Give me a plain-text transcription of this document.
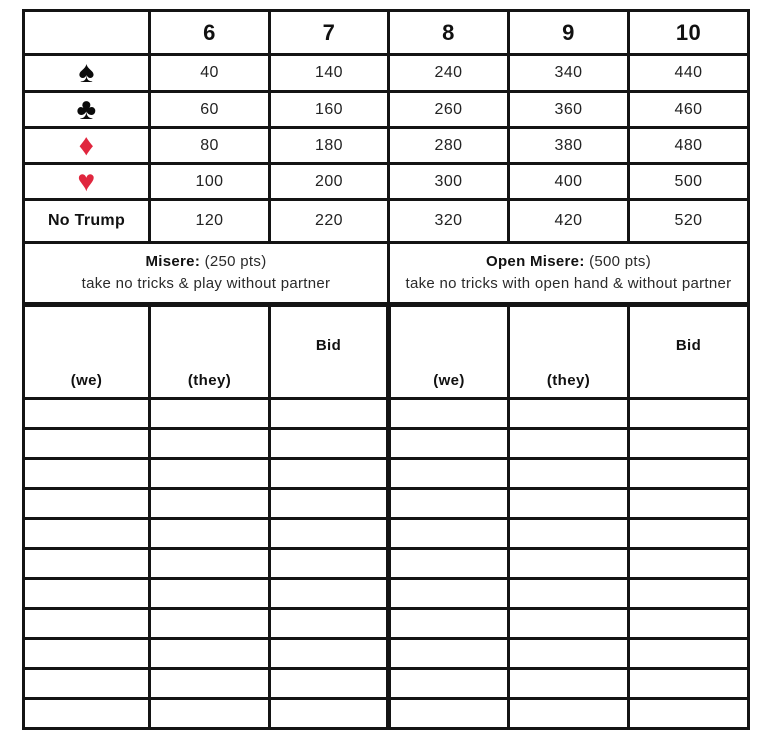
	6	7	8	9	10
♠	40	140	240	340	440
♣	60	160	260	360	460
♦	80	180	280	380	480
♥	100	200	300	400	500
No Trump	120	220	320	420	520

Misere: (250 pts)
take no tricks & play without partner

Open Misere: (500 pts)
take no tricks with open hand & without partner
(we)	(they)	Bid	(we)	(they)	Bid
